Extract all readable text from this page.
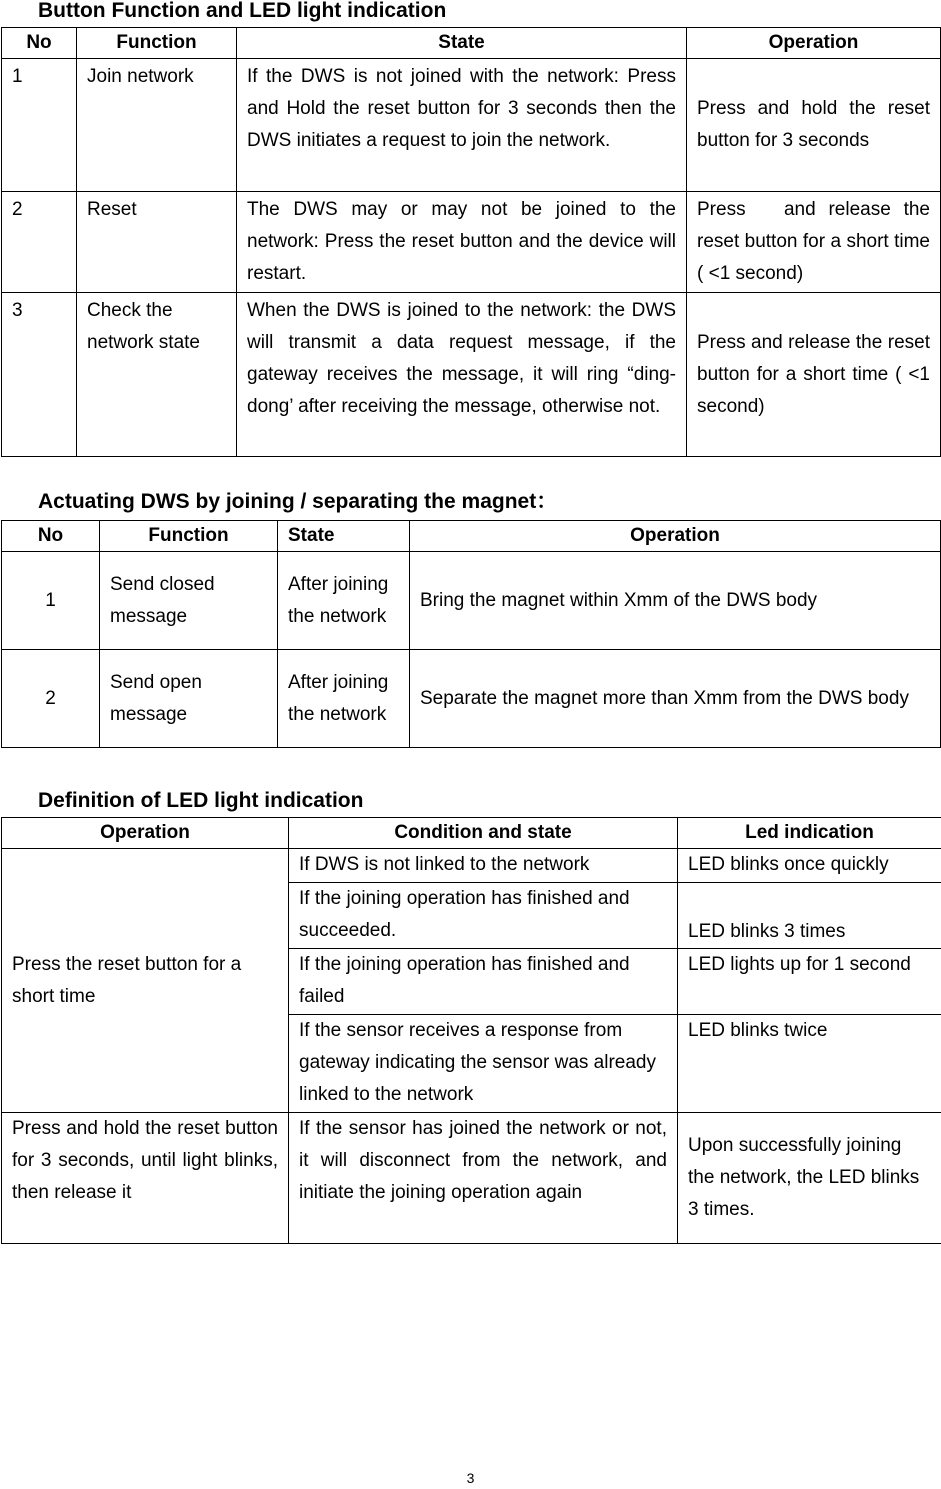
Button Function and LED light indication
No	Function	State	Operation
1	Join network	If the DWS is not joined with the network: Press and Hold the reset button for 3 seconds then the DWS initiates a request to join the network.	Press and hold the reset button for 3 seconds
2	Reset	The DWS may or may not be joined to the network: Press the reset button and the device will restart.	Press   and release the reset button for a short time ( <1 second)
3	Check the network state	When the DWS is joined to the network: the DWS will transmit a data request message, if the gateway receives the message, it will ring “ding-dong’ after receiving the message, otherwise not.	Press and release the reset button for a short time ( <1 second)
Actuating DWS by joining / separating the magnet：
No	Function	State	Operation
1	Send closed message	After joining the network	Bring the magnet within Xmm of the DWS body
2	Send open message	After joining the network	Separate the magnet more than Xmm from the DWS body
Definition of LED light indication
Operation	Condition and state	Led indication
Press the reset button for a short time	If DWS is not linked to the network	LED blinks once quickly
	If the joining operation has finished and succeeded.	LED blinks 3 times
	If the joining operation has finished and failed	LED lights up for 1 second
	If the sensor receives a response from gateway indicating the sensor was already linked to the network	LED blinks twice
Press and hold the reset button for 3 seconds, until light blinks, then release it	If the sensor has joined the network or not, it will disconnect from the network, and initiate the joining operation again	Upon successfully joining the network, the LED blinks 3 times.
3
